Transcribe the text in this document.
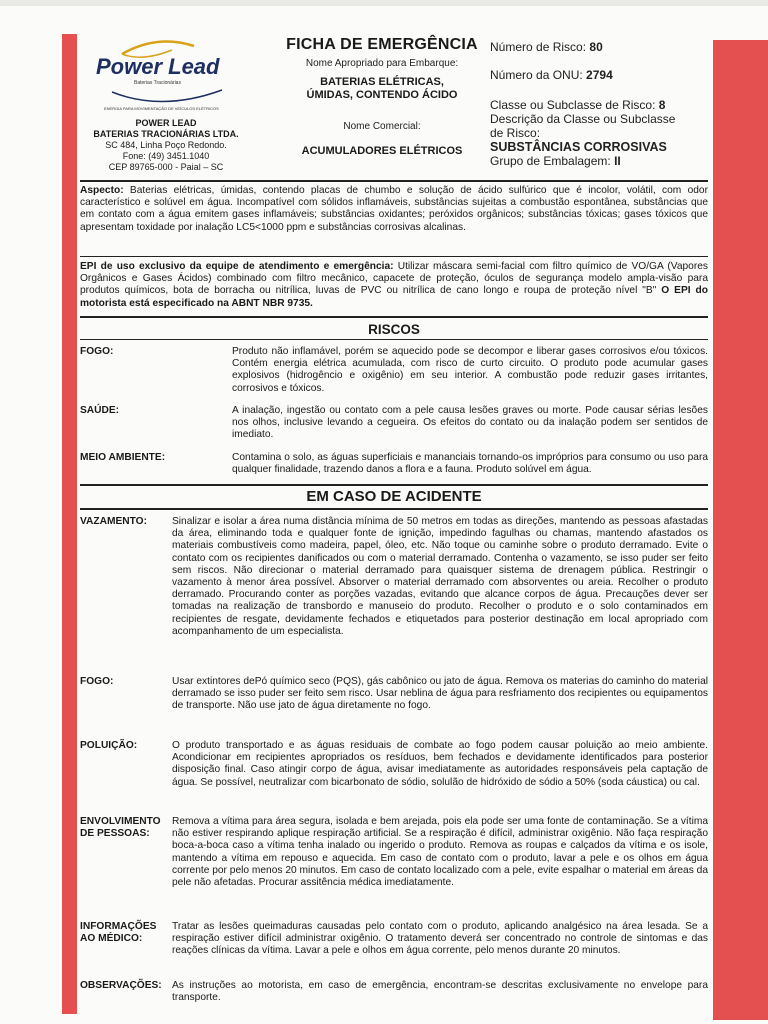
Power Lead
Baterias Tracionárias
ENERGIA PARA MOVIMENTAÇÃO DE VEÍCULOS ELÉTRICOS
POWER LEAD
BATERIAS TRACIONÁRIAS LTDA.
SC 484, Linha Poço Redondo.
Fone: (49) 3451.1040
CEP 89765-000 - Paial – SC
FICHA DE EMERGÊNCIA
Nome Apropriado para Embarque:
BATERIAS ELÉTRICAS,
ÚMIDAS, CONTENDO ÁCIDO
Nome Comercial:
ACUMULADORES ELÉTRICOS
Número de Risco: 80
Número da ONU: 2794
Classe ou Subclasse de Risco: 8
Descrição da Classe ou Subclasse
de Risco:
SUBSTÂNCIAS CORROSIVAS
Grupo de Embalagem: II
Aspecto: Baterias elétricas, úmidas, contendo placas de chumbo e solução de ácido sulfúrico que é incolor, volátil, com odor característico e solúvel em água. Incompatível com sólidos inflamáveis, substâncias sujeitas a combustão espontânea, substâncias que em contato com a água emitem gases inflamáveis; substâncias oxidantes; peróxidos orgânicos; substâncias tóxicas; gases tóxicos que apresentam toxidade por inalação LC5<1000 ppm e substâncias corrosivas alcalinas.
EPI de uso exclusivo da equipe de atendimento e emergência: Utilizar máscara semi-facial com filtro químico de VO/GA (Vapores Orgânicos e Gases Ácidos) combinado com filtro mecânico, capacete de proteção, óculos de segurança modelo ampla-visão para produtos químicos, bota de borracha ou nitrílica, luvas de PVC ou nitrílica de cano longo e roupa de proteção nível "B" O EPI do motorista está especificado na ABNT NBR 9735.
RISCOS
FOGO:	Produto não inflamável, porém se aquecido pode se decompor e liberar gases corrosivos e/ou tóxicos. Contém energia elétrica acumulada, com risco de curto circuito. O produto pode acumular gases explosivos (hidrogêncio e oxigênio) em seu interior. A combustão pode reduzir gases irritantes, corrosivos e tóxicos.
SAÚDE:	A inalação, ingestão ou contato com a pele causa lesões graves ou morte. Pode causar sérias lesões nos olhos, inclusive levando a cegueira. Os efeitos do contato ou da inalação podem ser sentidos de imediato.
MEIO AMBIENTE:	Contamina o solo, as águas superficiais e mananciais tornando-os impróprios para consumo ou uso para qualquer finalidade, trazendo danos a flora e a fauna. Produto solúvel em água.
EM CASO DE ACIDENTE
VAZAMENTO: Sinalizar e isolar a área numa distância mínima de 50 metros em todas as direções, mantendo as pessoas afastadas da área, eliminando toda e qualquer fonte de ignição, impedindo fagulhas ou chamas, mantendo afastados os materiais combustíveis como madeira, papel, óleo, etc. Não toque ou caminhe sobre o produto derramado. Evite o contato com os recipientes danificados ou com o material derramado. Contenha o vazamento, se isso puder ser feito sem riscos. Não direcionar o material derramado para quaisquer sistema de drenagem pública. Restringir o vazamento à menor área possível. Absorver o material derramado com absorventes ou areia. Recolher o produto derramado. Procurando conter as porções vazadas, evitando que alcance corpos de água. Precauções dever ser tomadas na realização de transbordo e manuseio do produto. Recolher o produto e o solo contaminados em recipientes de resgate, devidamente fechados e etiquetados para posterior destinação em local apropriado com acompanhamento de um especialista.
FOGO:	Usar extintores dePó químico seco (PQS), gás cabônico ou jato de água. Remova os materias do caminho do material derramado se isso puder ser feito sem risco. Usar neblina de água para resfriamento dos recipientes ou equipamentos de transporte. Não use jato de água diretamente no fogo.
POLUIÇÃO:	O produto transportado e as águas residuais de combate ao fogo podem causar poluição ao meio ambiente. Acondicionar em recipientes apropriados os resíduos, bem fechados e devidamente identificados para posterior disposição final. Caso atingir corpo de água, avisar imediatamente as autoridades responsáveis pela captação de água. Se possível, neutralizar com bicarbonato de sódio, solulão de hidróxido de sódio a 50% (soda cáustica) ou cal.
ENVOLVIMENTO
DE PESSOAS:
Remova a vítima para área segura, isolada e bem arejada, pois ela pode ser uma fonte de contaminação. Se a vítima não estiver respirando aplique respiração artificial. Se a respiração é difícil, administrar oxigênio. Não faça respiração boca-a-boca caso a vítima tenha inalado ou ingerido o produto. Remova as roupas e calçados da vítima e os isole, mantendo a vítima em repouso e aquecida. Em caso de contato com o produto, lavar a pele e os olhos em água corrente por pelo menos 20 minutos. Em caso de contato localizado com a pele, evite espalhar o material em áreas da pele não afetadas. Procurar assitência médica imediatamente.
INFORMAÇÕES
AO MÉDICO:
Tratar as lesões queimaduras causadas pelo contato com o produto, aplicando analgésico na área lesada. Se a respiração estiver difícil administrar oxigênio. O tratamento deverá ser concentrado no controle de sintomas e das reações clínicas da vítima. Lavar a pele e olhos em água corrente, pelo menos durante 20 minutos.
OBSERVAÇÕES: As instruções ao motorista, em caso de emergência, encontram-se descritas exclusivamente no envelope para transporte.
